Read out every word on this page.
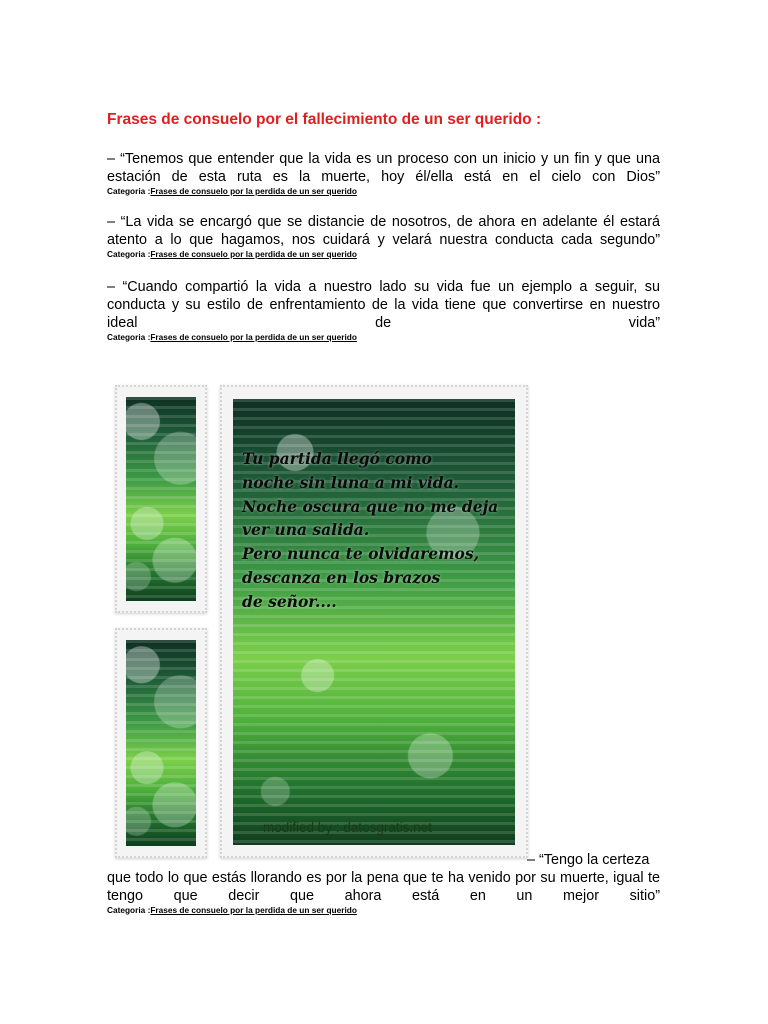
Frases de consuelo por el fallecimiento de un ser querido :

– “Tenemos que entender que la vida es un proceso con un inicio y un fin y que una estación de esta ruta es la muerte, hoy él/ella está en el cielo con Dios”

Categoria :Frases de consuelo por la perdida de un ser querido

– “La vida se encargó que se distancie de nosotros, de ahora en adelante él estará atento a lo que hagamos, nos cuidará y velará nuestra conducta cada segundo”

Categoria :Frases de consuelo por la perdida de un ser querido

– “Cuando compartió la vida a nuestro lado su vida fue un ejemplo a seguir, su conducta y su estilo de enfrentamiento de la vida tiene que convertirse en nuestro ideal de vida”

Categoria :Frases de consuelo por la perdida de un ser querido
Tu partida llegó como
noche sin luna a mi vida.
Noche oscura que no me deja
ver una salida.
Pero nunca te olvidaremos,
descanza en los brazos
de señor....
modified by : datosgratis.net

– “Tengo la certeza

que todo lo que estás llorando es por la pena que te ha venido por su muerte, igual te tengo que decir que ahora está en un mejor sitio”

Categoria :Frases de consuelo por la perdida de un ser querido
